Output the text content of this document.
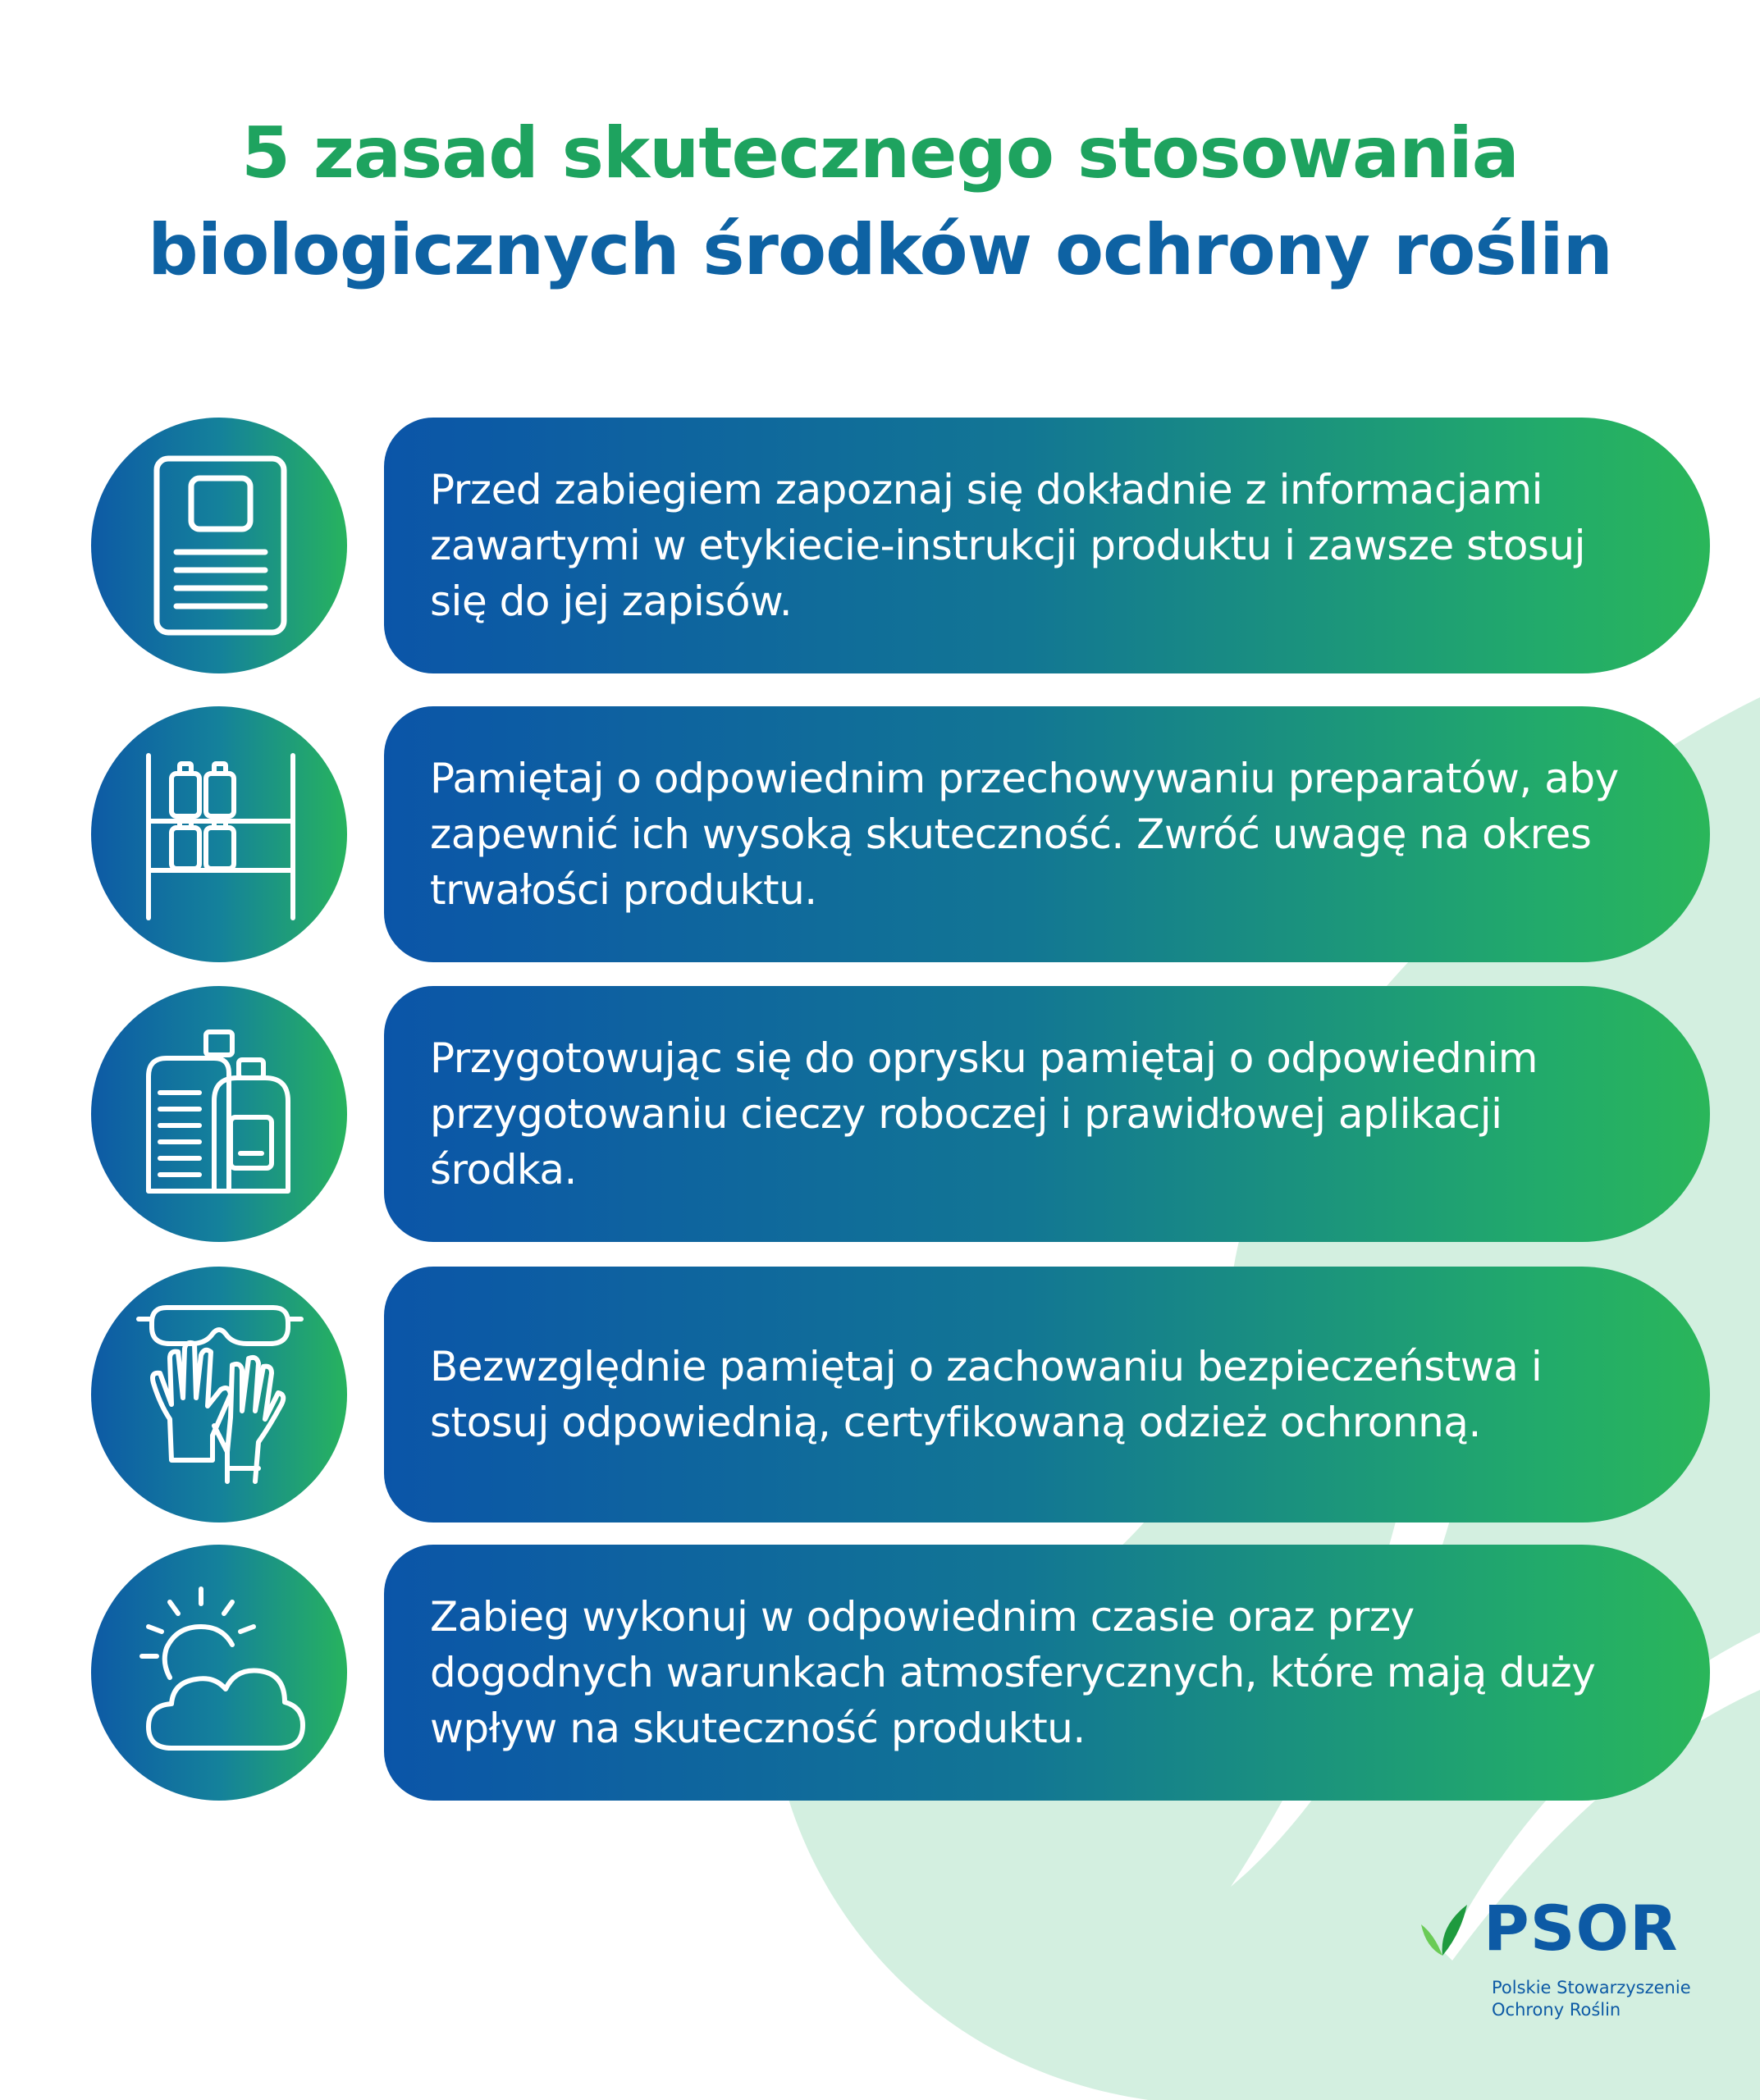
5 zasad skutecznego stosowania
biologicznych środków ochrony roślin

Przed zabiegiem zapoznaj się dokładnie z informacjami zawartymi w etykiecie-instrukcji produktu i zawsze stosuj się do jej zapisów.

Pamiętaj o odpowiednim przechowywaniu preparatów, aby zapewnić ich wysoką skuteczność. Zwróć uwagę na okres trwałości produktu.

Przygotowując się do oprysku pamiętaj o odpowiednim przygotowaniu cieczy roboczej i prawidłowej aplikacji środka.

Bezwzględnie pamiętaj o zachowaniu bezpieczeństwa i stosuj odpowiednią, certyfikowaną odzież ochronną.

Zabieg wykonuj w odpowiednim czasie oraz przy dogodnych warunkach atmosferycznych, które mają duży wpływ na skuteczność produktu.

PSOR
Polskie Stowarzyszenie
Ochrony Roślin
